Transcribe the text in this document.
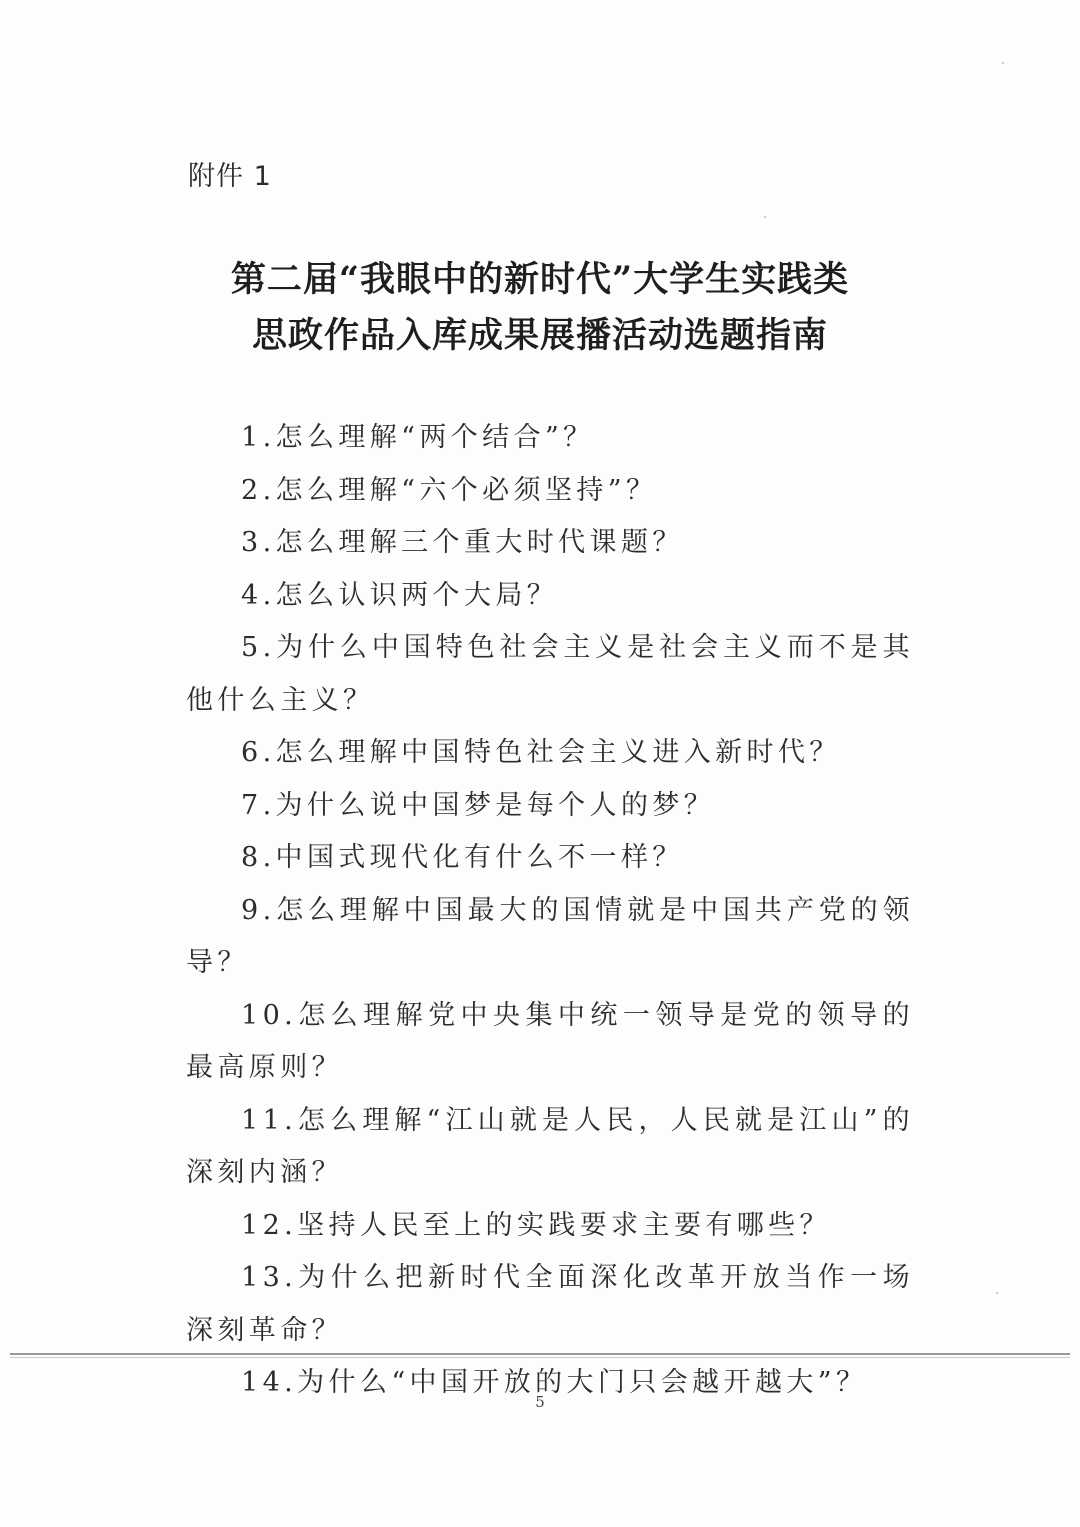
附件 1
第二届“我眼中的新时代”大学生实践类
思政作品入库成果展播活动选题指南

1.怎么理解“两个结合”？

2.怎么理解“六个必须坚持”？

3.怎么理解三个重大时代课题？

4.怎么认识两个大局？

5.为什么中国特色社会主义是社会主义而不是其他什么主义？

6.怎么理解中国特色社会主义进入新时代？

7.为什么说中国梦是每个人的梦？

8.中国式现代化有什么不一样？

9.怎么理解中国最大的国情就是中国共产党的领导？

10.怎么理解党中央集中统一领导是党的领导的最高原则？

11.怎么理解“江山就是人民，人民就是江山”的深刻内涵？

12.坚持人民至上的实践要求主要有哪些？

13.为什么把新时代全面深化改革开放当作一场深刻革命？

14.为什么“中国开放的大门只会越开越大”？

5
